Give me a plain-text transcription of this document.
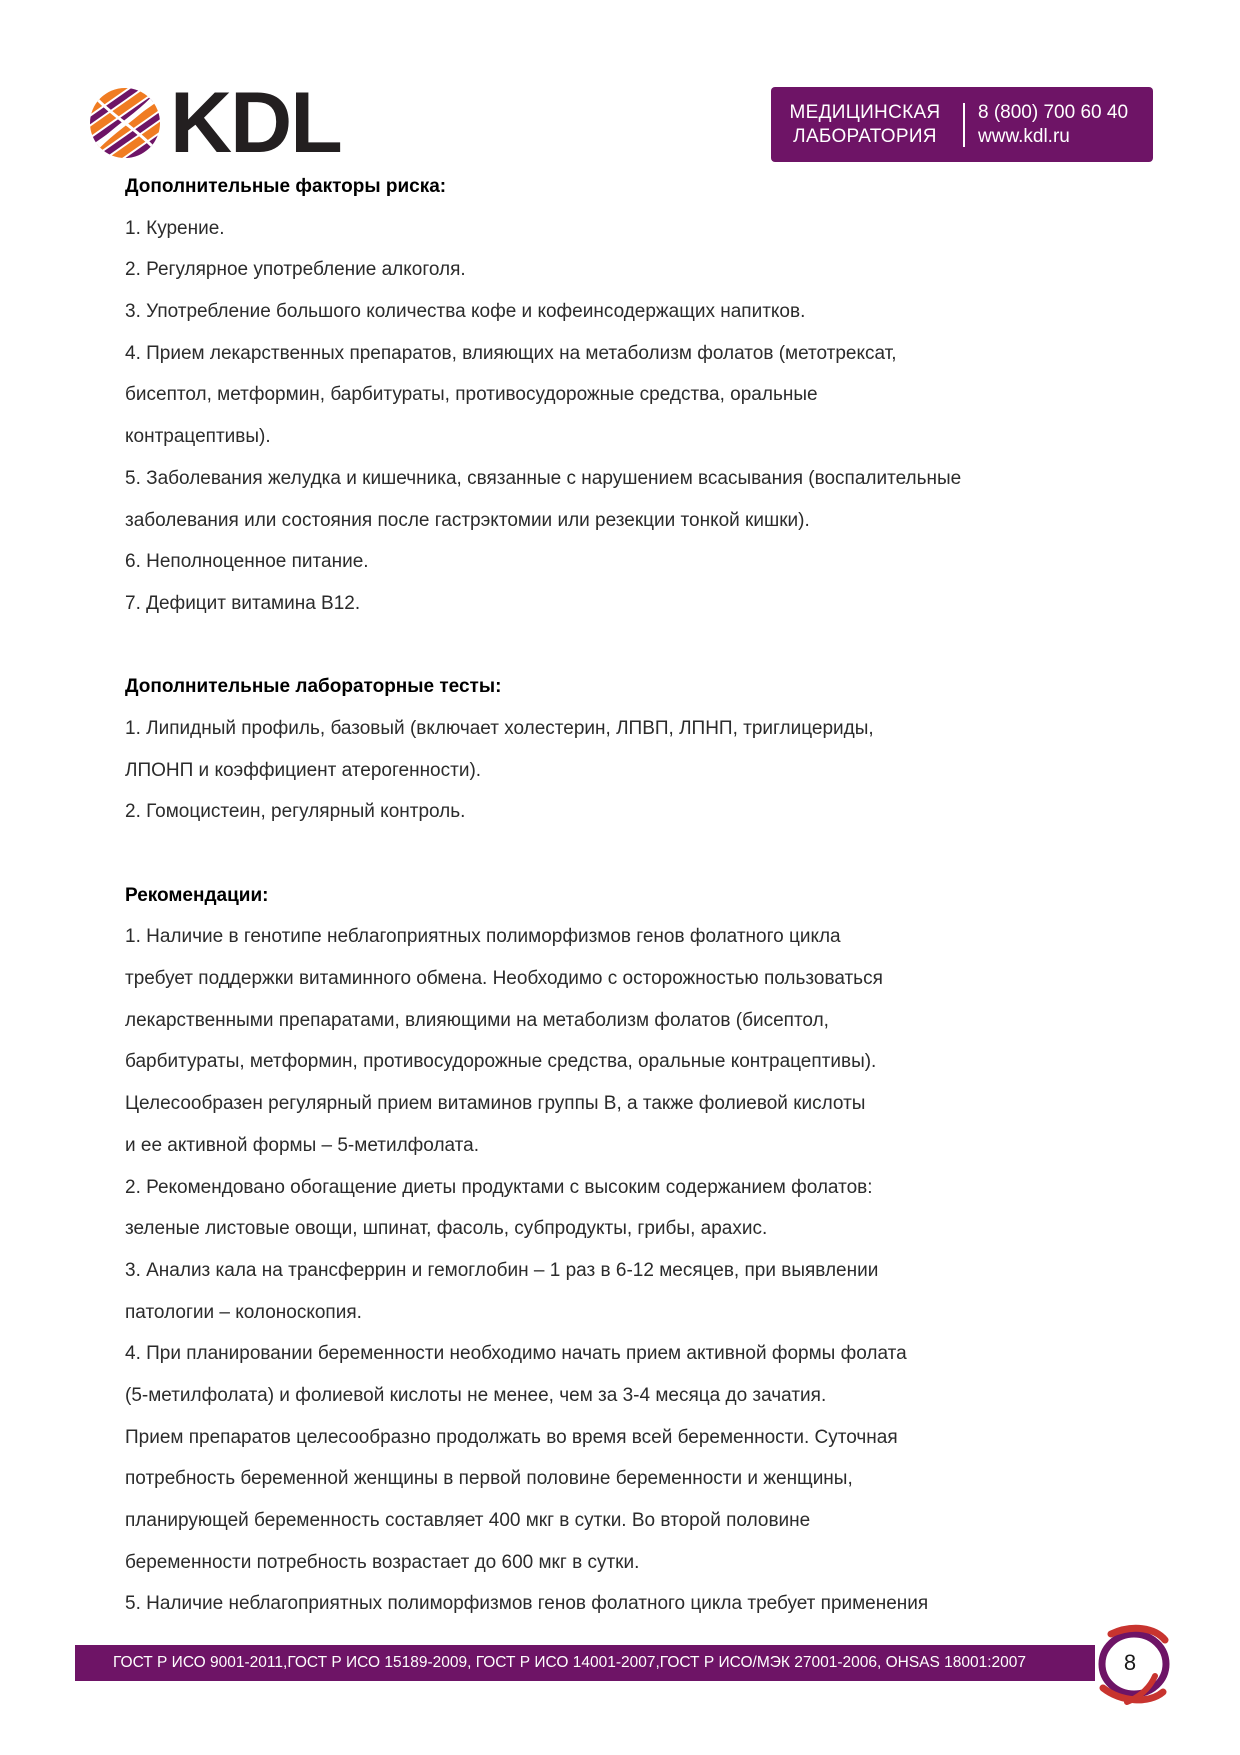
KDL	МЕДИЦИНСКАЯ
ЛАБОРАТОРИЯ
8 (800) 700 60 40
www.kdl.ru
Дополнительные факторы риска:
1. Курение.
2. Регулярное употребление алкоголя.
3. Употребление большого количества кофе и кофеинсодержащих напитков.
4. Прием лекарственных препаратов, влияющих на метаболизм фолатов (метотрексат,
бисептол, метформин, барбитураты, противосудорожные средства, оральные
контрацептивы).
5. Заболевания желудка и кишечника, связанные с нарушением всасывания (воспалительные
заболевания или состояния после гастрэктомии или резекции тонкой кишки).
6. Неполноценное питание.
7. Дефицит витамина В12.
Дополнительные лабораторные тесты:
1. Липидный профиль, базовый (включает холестерин, ЛПВП, ЛПНП, триглицериды,
ЛПОНП и коэффициент атерогенности).
2. Гомоцистеин, регулярный контроль.
Рекомендации:
1. Наличие в генотипе неблагоприятных полиморфизмов генов фолатного цикла
требует поддержки витаминного обмена. Необходимо с осторожностью пользоваться
лекарственными препаратами, влияющими на метаболизм фолатов (бисептол,
барбитураты, метформин, противосудорожные средства, оральные контрацептивы).
Целесообразен регулярный прием витаминов группы В, а также фолиевой кислоты
и ее активной формы – 5-метилфолата.
2. Рекомендовано обогащение диеты продуктами с высоким содержанием фолатов:
зеленые листовые овощи, шпинат, фасоль, субпродукты, грибы, арахис.
3. Анализ кала на трансферрин и гемоглобин – 1 раз в 6-12 месяцев, при выявлении
патологии – колоноскопия.
4. При планировании беременности необходимо начать прием активной формы фолата
(5-метилфолата) и фолиевой кислоты не менее, чем за 3-4 месяца до зачатия.
Прием препаратов целесообразно продолжать во время всей беременности. Суточная
потребность беременной женщины в первой половине беременности и женщины,
планирующей беременность составляет 400 мкг в сутки. Во второй половине
беременности потребность возрастает до 600 мкг в сутки.
5. Наличие неблагоприятных полиморфизмов генов фолатного цикла требует применения
ГОСТ Р ИСО 9001-2011,ГОСТ Р ИСО 15189-2009, ГОСТ Р ИСО 14001-2007,ГОСТ Р ИСО/МЭК 27001-2006, OHSAS 18001:2007	8
